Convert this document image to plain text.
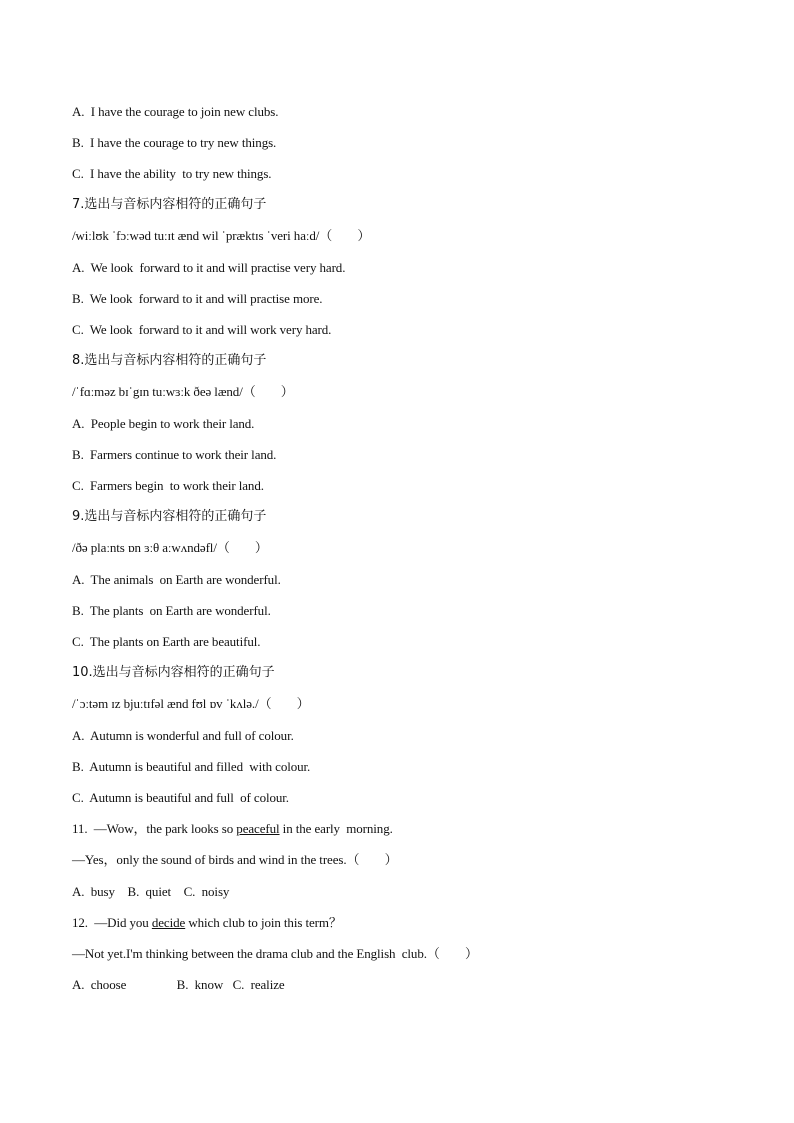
A.  I have the courage to join new clubs.
B.  I have the courage to try new things.
C.  I have the ability  to try new things.
7.选出与音标内容相符的正确句子
/wiːlʊk ˈfɔːwəd tuːɪt ænd wil ˈpræktɪs ˈveri haːd/（        ）
A.  We look  forward to it and will practise very hard.
B.  We look  forward to it and will practise more.
C.  We look  forward to it and will work very hard.
8.选出与音标内容相符的正确句子
/ˈfɑːməz bɪˈgɪn tuːwɜːk ðeə lænd/（        ）
A.  People begin to work their land.
B.  Farmers continue to work their land.
C.  Farmers begin  to work their land.
9.选出与音标内容相符的正确句子
/ðə plaːnts ɒn ɜːθ aːwʌndəfl/（        ）
A.  The animals  on Earth are wonderful.
B.  The plants  on Earth are wonderful.
C.  The plants on Earth are beautiful.
10.选出与音标内容相符的正确句子
/ˈɔːtəm ɪz bjuːtɪfəl ænd fʊl ɒv ˈkʌlə./（        ）
A.  Autumn is wonderful and full of colour.
B.  Autumn is beautiful and filled  with colour.
C.  Autumn is beautiful and full  of colour.
11.  —Wow，the park looks so peaceful in the early  morning.
—Yes，only the sound of birds and wind in the trees.（        ）
A.  busy    B.  quiet    C.  noisy
12.  —Did you decide which club to join this term？
—Not yet.I'm thinking between the drama club and the English  club.（        ）
A.  choose                B.  know   C.  realize
